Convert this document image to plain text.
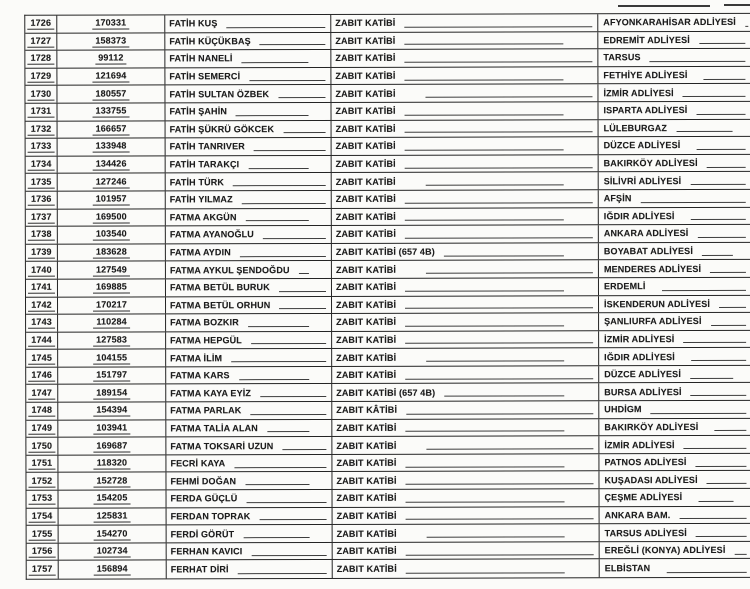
1726	170331	FATİH KUŞ	ZABIT KATİBİ	AFYONKARAHİSAR ADLİYESİ
1727	158373	FATİH KÜÇÜKBAŞ	ZABIT KATİBİ	EDREMİT ADLİYESİ
1728	99112	FATİH NANELİ	ZABIT KATİBİ	TARSUS
1729	121694	FATİH SEMERCİ	ZABIT KATİBİ	FETHİYE ADLİYESİ
1730	180557	FATİH SULTAN ÖZBEK	ZABIT KATİBİ	İZMİR ADLİYESİ
1731	133755	FATİH ŞAHİN	ZABIT KATİBİ	ISPARTA ADLİYESİ
1732	166657	FATİH ŞÜKRÜ GÖKCEK	ZABIT KATİBİ	LÜLEBURGAZ
1733	133948	FATİH TANRIVER	ZABIT KATİBİ	DÜZCE ADLİYESİ
1734	134426	FATİH TARAKÇI	ZABIT KATİBİ	BAKIRKÖY ADLİYESİ
1735	127246	FATİH TÜRK	ZABIT KATİBİ	SİLİVRİ ADLİYESİ
1736	101957	FATİH YILMAZ	ZABIT KATİBİ	AFŞİN
1737	169500	FATMA AKGÜN	ZABIT KATİBİ	IĞDIR ADLİYESİ
1738	103540	FATMA AYANOĞLU	ZABIT KATİBİ	ANKARA ADLİYESİ
1739	183628	FATMA AYDIN	ZABIT KATİBİ (657 4B)	BOYABAT ADLİYESİ
1740	127549	FATMA AYKUL ŞENDOĞDU	ZABIT KATİBİ	MENDERES ADLİYESİ
1741	169885	FATMA BETÜL BURUK	ZABIT KATİBİ	ERDEMLİ
1742	170217	FATMA BETÜL ORHUN	ZABIT KATİBİ	İSKENDERUN ADLİYESİ
1743	110284	FATMA BOZKIR	ZABIT KATİBİ	ŞANLIURFA ADLİYESİ
1744	127583	FATMA HEPGÜL	ZABIT KATİBİ	İZMİR ADLİYESİ
1745	104155	FATMA İLİM	ZABIT KATİBİ	IĞDIR ADLİYESİ
1746	151797	FATMA KARS	ZABIT KATİBİ	DÜZCE ADLİYESİ
1747	189154	FATMA KAYA EYİZ	ZABIT KATİBİ (657 4B)	BURSA ADLİYESİ
1748	154394	FATMA PARLAK	ZABIT KÂTİBİ	UHDİGM
1749	103941	FATMA TALİA ALAN	ZABIT KATİBİ	BAKIRKÖY ADLİYESİ
1750	169687	FATMA TOKSARİ UZUN	ZABIT KATİBİ	İZMİR ADLİYESİ
1751	118320	FECRİ KAYA	ZABIT KATİBİ	PATNOS ADLİYESİ
1752	152728	FEHMİ DOĞAN	ZABIT KATİBİ	KUŞADASI ADLİYESİ
1753	154205	FERDA GÜÇLÜ	ZABIT KATİBİ	ÇEŞME ADLİYESİ
1754	125831	FERDAN TOPRAK	ZABIT KATİBİ	ANKARA BAM.
1755	154270	FERDİ GÖRÜT	ZABIT KATİBİ	TARSUS ADLİYESİ
1756	102734	FERHAN KAVICI	ZABIT KATİBİ	EREĞLİ (KONYA) ADLİYESİ
1757	156894	FERHAT DİRİ	ZABIT KATİBİ	ELBİSTAN
